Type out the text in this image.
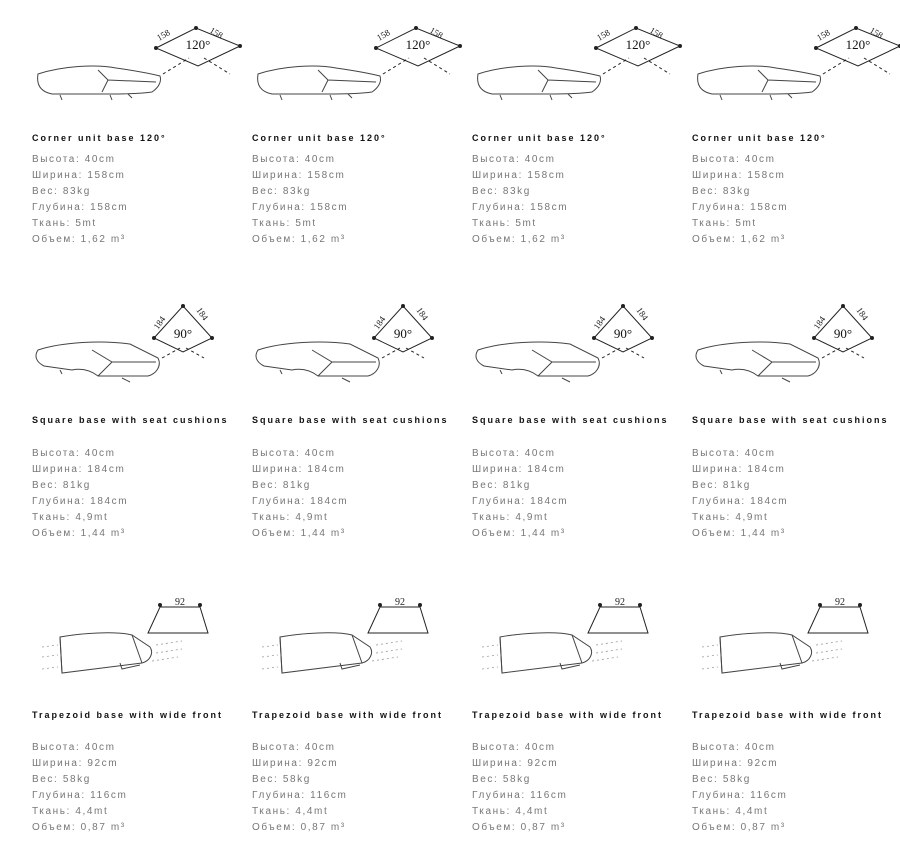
158	158
120°
Corner unit base 120°
Высота: 40cm
Ширина: 158cm
Вес: 83kg
Глубина: 158cm
Ткань: 5mt
Объем: 1,62 m³
158	158
120°
Corner unit base 120°
Высота: 40cm
Ширина: 158cm
Вес: 83kg
Глубина: 158cm
Ткань: 5mt
Объем: 1,62 m³
158	158
120°
Corner unit base 120°
Высота: 40cm
Ширина: 158cm
Вес: 83kg
Глубина: 158cm
Ткань: 5mt
Объем: 1,62 m³
158	158
120°
Corner unit base 120°
Высота: 40cm
Ширина: 158cm
Вес: 83kg
Глубина: 158cm
Ткань: 5mt
Объем: 1,62 m³
184
184
90°
Square base with seat cushions
Высота: 40cm
Ширина: 184cm
Вес: 81kg
Глубина: 184cm
Ткань: 4,9mt
Объем: 1,44 m³
184
184
90°
Square base with seat cushions
Высота: 40cm
Ширина: 184cm
Вес: 81kg
Глубина: 184cm
Ткань: 4,9mt
Объем: 1,44 m³
184
184
90°
Square base with seat cushions
Высота: 40cm
Ширина: 184cm
Вес: 81kg
Глубина: 184cm
Ткань: 4,9mt
Объем: 1,44 m³
184
184
90°
Square base with seat cushions
Высота: 40cm
Ширина: 184cm
Вес: 81kg
Глубина: 184cm
Ткань: 4,9mt
Объем: 1,44 m³
92
Trapezoid base with wide front
Высота: 40cm
Ширина: 92cm
Вес: 58kg
Глубина: 116cm
Ткань: 4,4mt
Объем: 0,87 m³
92
Trapezoid base with wide front
Высота: 40cm
Ширина: 92cm
Вес: 58kg
Глубина: 116cm
Ткань: 4,4mt
Объем: 0,87 m³
92
Trapezoid base with wide front
Высота: 40cm
Ширина: 92cm
Вес: 58kg
Глубина: 116cm
Ткань: 4,4mt
Объем: 0,87 m³
92
Trapezoid base with wide front
Высота: 40cm
Ширина: 92cm
Вес: 58kg
Глубина: 116cm
Ткань: 4,4mt
Объем: 0,87 m³
